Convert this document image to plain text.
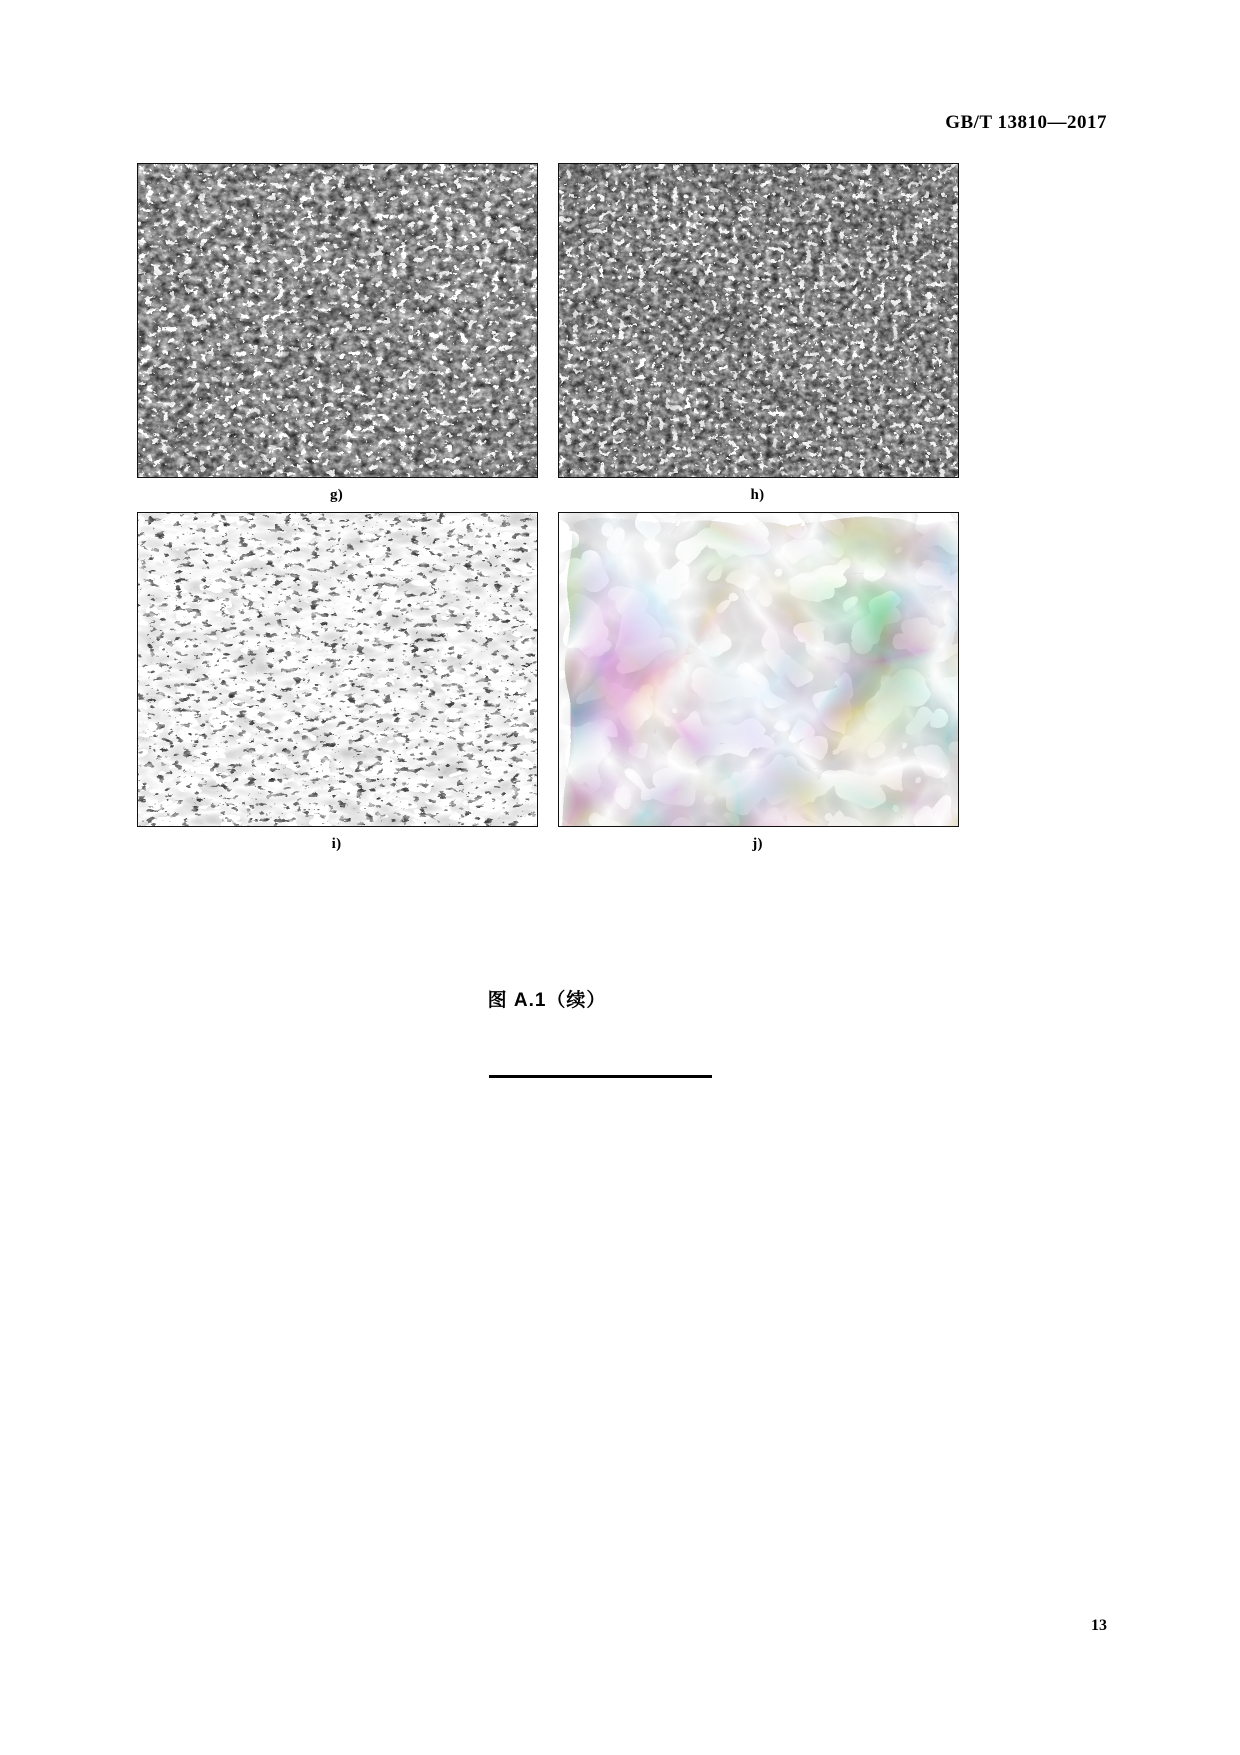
GB/T 13810—2017
g)	h)
i)	j)
图 A.1（续）
13
